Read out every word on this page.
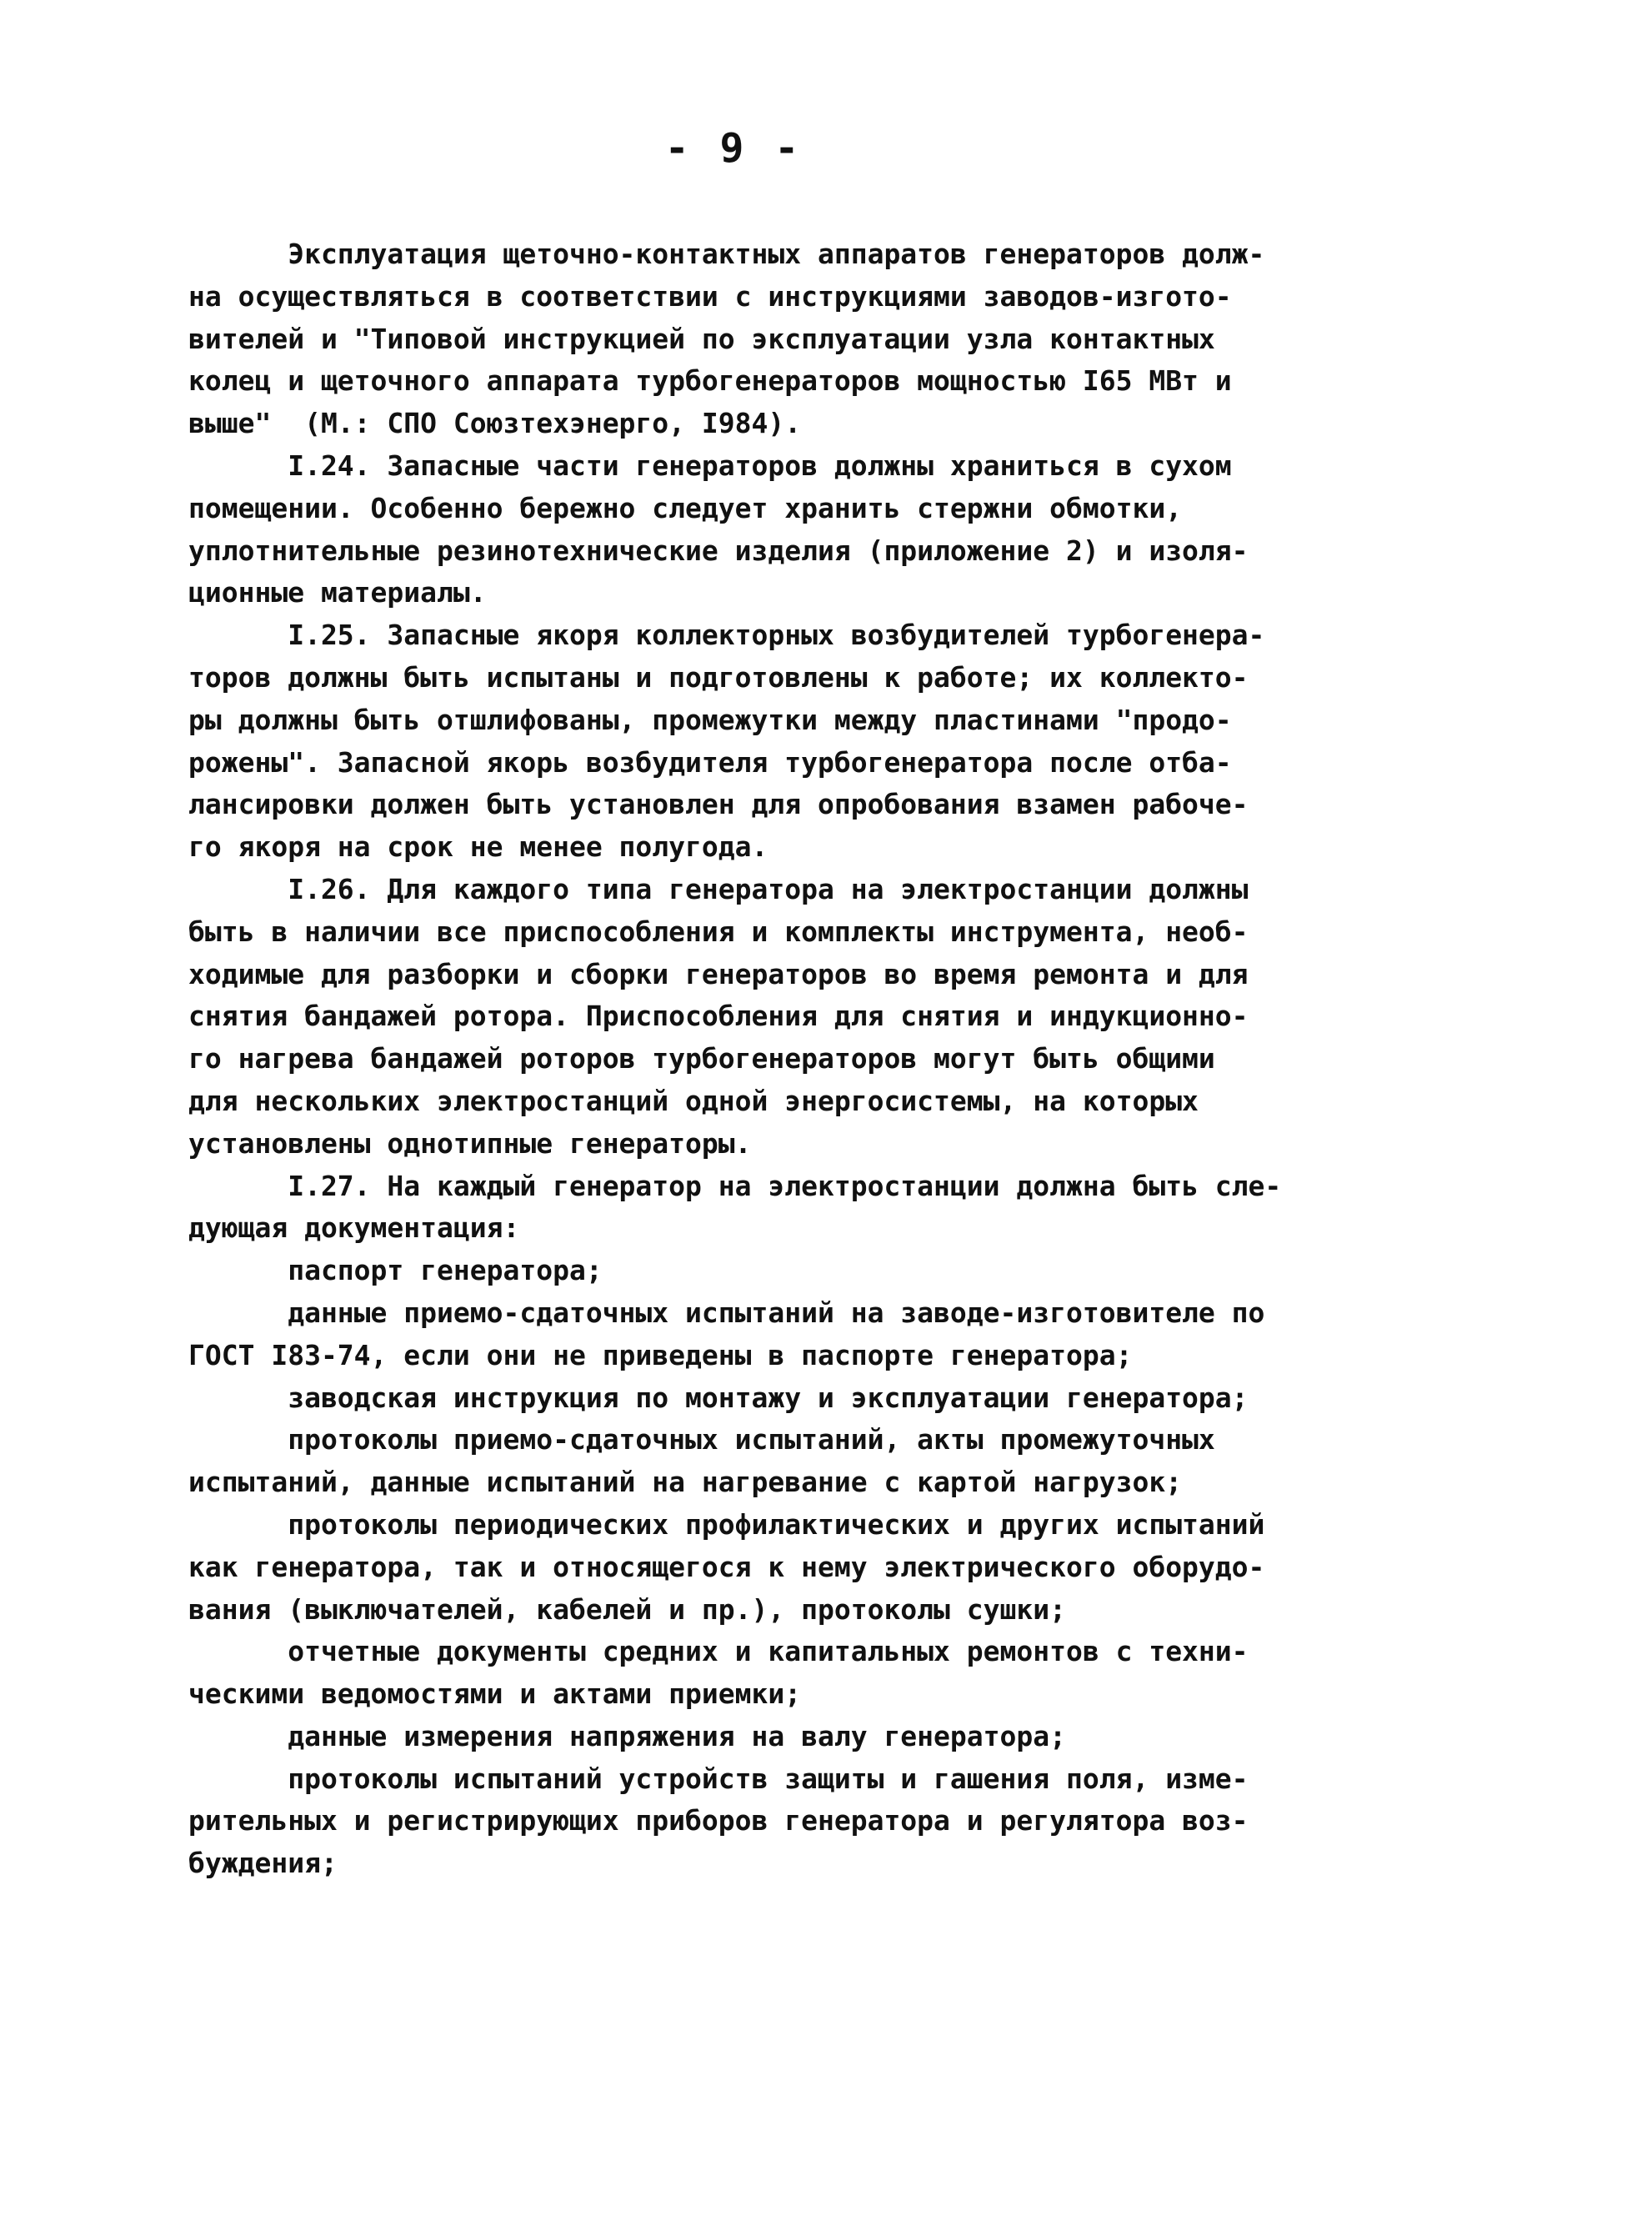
- 9 -
Эксплуатация щеточно-контактных аппаратов генераторов долж-
на осуществляться в соответствии с инструкциями заводов-изгото-
вителей и "Типовой инструкцией по эксплуатации узла контактных
колец и щеточного аппарата турбогенераторов мощностью I65 МВт и
выше"  (М.: СПО Союзтехэнерго, I984).
I.24. Запасные части генераторов должны храниться в сухом
помещении. Особенно бережно следует хранить стержни обмотки,
уплотнительные резинотехнические изделия (приложение 2) и изоля-
ционные материалы.
I.25. Запасные якоря коллекторных возбудителей турбогенера-
торов должны быть испытаны и подготовлены к работе; их коллекто-
ры должны быть отшлифованы, промежутки между пластинами "продо-
рожены". Запасной якорь возбудителя турбогенератора после отба-
лансировки должен быть установлен для опробования взамен рабоче-
го якоря на срок не менее полугода.
I.26. Для каждого типа генератора на электростанции должны
быть в наличии все приспособления и комплекты инструмента, необ-
ходимые для разборки и сборки генераторов во время ремонта и для
снятия бандажей ротора. Приспособления для снятия и индукционно-
го нагрева бандажей роторов турбогенераторов могут быть общими
для нескольких электростанций одной энергосистемы, на которых
установлены однотипные генераторы.
I.27. На каждый генератор на электростанции должна быть сле-
дующая документация:
паспорт генератора;
данные приемо-сдаточных испытаний на заводе-изготовителе по
ГОСТ I83-74, если они не приведены в паспорте генератора;
заводская инструкция по монтажу и эксплуатации генератора;
протоколы приемо-сдаточных испытаний, акты промежуточных
испытаний, данные испытаний на нагревание с картой нагрузок;
протоколы периодических профилактических и других испытаний
как генератора, так и относящегося к нему электрического оборудо-
вания (выключателей, кабелей и пр.), протоколы сушки;
отчетные документы средних и капитальных ремонтов с техни-
ческими ведомостями и актами приемки;
данные измерения напряжения на валу генератора;
протоколы испытаний устройств защиты и гашения поля, изме-
рительных и регистрирующих приборов генератора и регулятора воз-
буждения;
